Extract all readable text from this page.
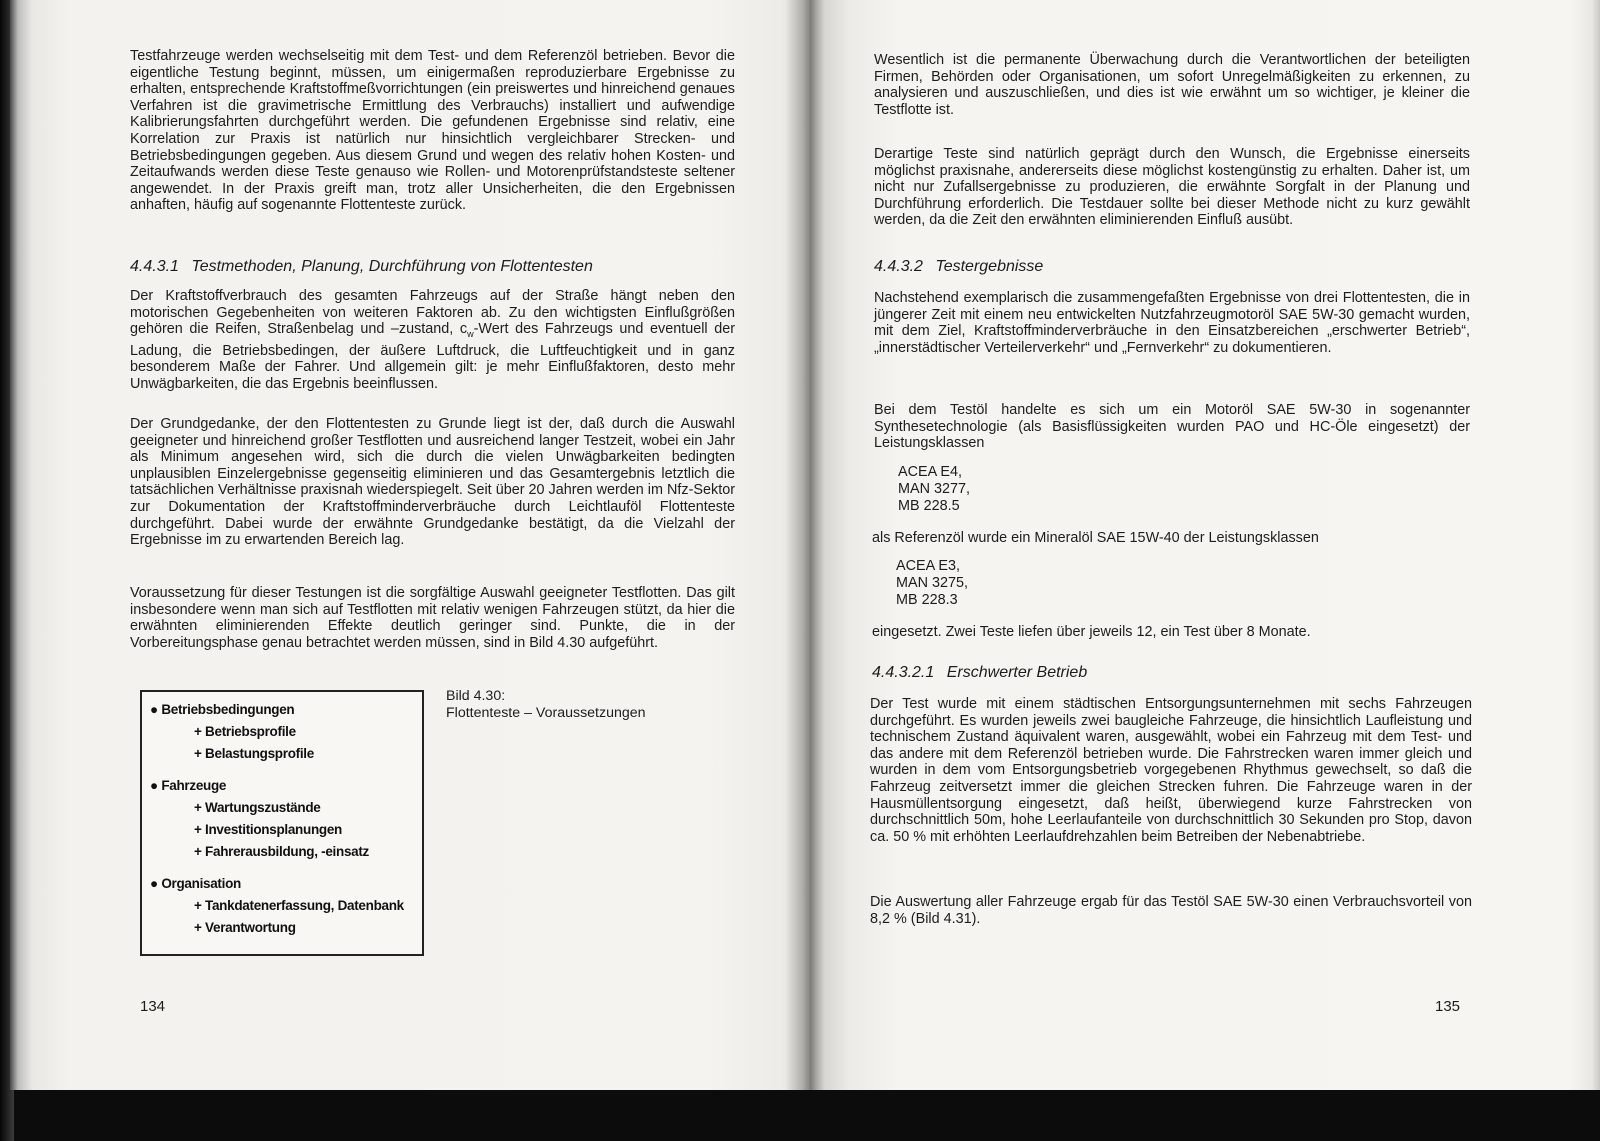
Testfahrzeuge werden wechselseitig mit dem Test- und dem Referenzöl betrieben. Bevor die eigentliche Testung beginnt, müssen, um einigermaßen reproduzierbare Ergebnisse zu erhalten, entsprechende Kraftstoffmeßvorrichtungen (ein preiswertes und hinreichend genaues Verfahren ist die gravimetrische Ermittlung des Verbrauchs) installiert und aufwendige Kalibrierungsfahrten durchgeführt werden. Die gefundenen Ergebnisse sind relativ, eine Korrelation zur Praxis ist natürlich nur hinsichtlich vergleichbarer Strecken- und Betriebsbedingungen gegeben. Aus diesem Grund und wegen des relativ hohen Kosten- und Zeitaufwands werden diese Teste genauso wie Rollen- und Motorenprüfstandsteste seltener angewendet. In der Praxis greift man, trotz aller Unsicherheiten, die den Ergebnissen anhaften, häufig auf sogenannte Flottenteste zurück.

4.4.3.1 Testmethoden, Planung, Durchführung von Flottentesten

Der Kraftstoffverbrauch des gesamten Fahrzeugs auf der Straße hängt neben den motorischen Gegebenheiten von weiteren Faktoren ab. Zu den wichtigsten Einflußgrößen gehören die Reifen, Straßenbelag und –zustand, $c_w$-Wert des Fahrzeugs und eventuell der Ladung, die Betriebsbedingen, der äußere Luftdruck, die Luftfeuchtigkeit und in ganz besonderem Maße der Fahrer. Und allgemein gilt: je mehr Einflußfaktoren, desto mehr Unwägbarkeiten, die das Ergebnis beeinflussen.

Der Grundgedanke, der den Flottentesten zu Grunde liegt ist der, daß durch die Auswahl geeigneter und hinreichend großer Testflotten und ausreichend langer Testzeit, wobei ein Jahr als Minimum angesehen wird, sich die durch die vielen Unwägbarkeiten bedingten unplausiblen Einzelergebnisse gegenseitig eliminieren und das Gesamtergebnis letztlich die tatsächlichen Verhältnisse praxisnah wiederspiegelt. Seit über 20 Jahren werden im Nfz-Sektor zur Dokumentation der Kraftstoffminderverbräuche durch Leichtlauföl Flottenteste durchgeführt. Dabei wurde der erwähnte Grundgedanke bestätigt, da die Vielzahl der Ergebnisse im zu erwartenden Bereich lag.

Voraussetzung für dieser Testungen ist die sorgfältige Auswahl geeigneter Testflotten. Das gilt insbesondere wenn man sich auf Testflotten mit relativ wenigen Fahrzeugen stützt, da hier die erwähnten eliminierenden Effekte deutlich geringer sind. Punkte, die in der Vorbereitungsphase genau betrachtet werden müssen, sind in Bild 4.30 aufgeführt.

● Betriebsbedingungen
+ Betriebsprofile
+ Belastungsprofile
● Fahrzeuge
+ Wartungszustände
+ Investitionsplanungen
+ Fahrerausbildung, -einsatz
● Organisation
+ Tankdatenerfassung, Datenbank
+ Verantwortung
Bild 4.30:
Flottenteste – Voraussetzungen
134

Wesentlich ist die permanente Überwachung durch die Verantwortlichen der beteiligten Firmen, Behörden oder Organisationen, um sofort Unregelmäßigkeiten zu erkennen, zu analysieren und auszuschließen, und dies ist wie erwähnt um so wichtiger, je kleiner die Testflotte ist.

Derartige Teste sind natürlich geprägt durch den Wunsch, die Ergebnisse einerseits möglichst praxisnahe, andererseits diese möglichst kostengünstig zu erhalten. Daher ist, um nicht nur Zufallsergebnisse zu produzieren, die erwähnte Sorgfalt in der Planung und Durchführung erforderlich. Die Testdauer sollte bei dieser Methode nicht zu kurz gewählt werden, da die Zeit den erwähnten eliminierenden Einfluß ausübt.

4.4.3.2 Testergebnisse

Nachstehend exemplarisch die zusammengefaßten Ergebnisse von drei Flottentesten, die in jüngerer Zeit mit einem neu entwickelten Nutzfahrzeugmotoröl SAE 5W-30 gemacht wurden, mit dem Ziel, Kraftstoffminderverbräuche in den Einsatzbereichen „erschwerter Betrieb“, „innerstädtischer Verteilerverkehr“ und „Fernverkehr“ zu dokumentieren.

Bei dem Testöl handelte es sich um ein Motoröl SAE 5W-30 in sogenannter Synthesetechnologie (als Basisflüssigkeiten wurden PAO und HC-Öle eingesetzt) der Leistungsklassen

ACEA E4,
MAN 3277,
MB 228.5

als Referenzöl wurde ein Mineralöl SAE 15W-40 der Leistungsklassen

ACEA E3,
MAN 3275,
MB 228.3

eingesetzt. Zwei Teste liefen über jeweils 12, ein Test über 8 Monate.

4.4.3.2.1 Erschwerter Betrieb

Der Test wurde mit einem städtischen Entsorgungsunternehmen mit sechs Fahrzeugen durchgeführt. Es wurden jeweils zwei baugleiche Fahrzeuge, die hinsichtlich Laufleistung und technischem Zustand äquivalent waren, ausgewählt, wobei ein Fahrzeug mit dem Test- und das andere mit dem Referenzöl betrieben wurde. Die Fahrstrecken waren immer gleich und wurden in dem vom Entsorgungsbetrieb vorgegebenen Rhythmus gewechselt, so daß die Fahrzeug zeitversetzt immer die gleichen Strecken fuhren. Die Fahrzeuge waren in der Hausmüllentsorgung eingesetzt, daß heißt, überwiegend kurze Fahrstrecken von durchschnittlich 50m, hohe Leerlaufanteile von durchschnittlich 30 Sekunden pro Stop, davon ca. 50 % mit erhöhten Leerlaufdrehzahlen beim Betreiben der Nebenabtriebe.

Die Auswertung aller Fahrzeuge ergab für das Testöl SAE 5W-30 einen Verbrauchsvorteil von 8,2 % (Bild 4.31).

135
